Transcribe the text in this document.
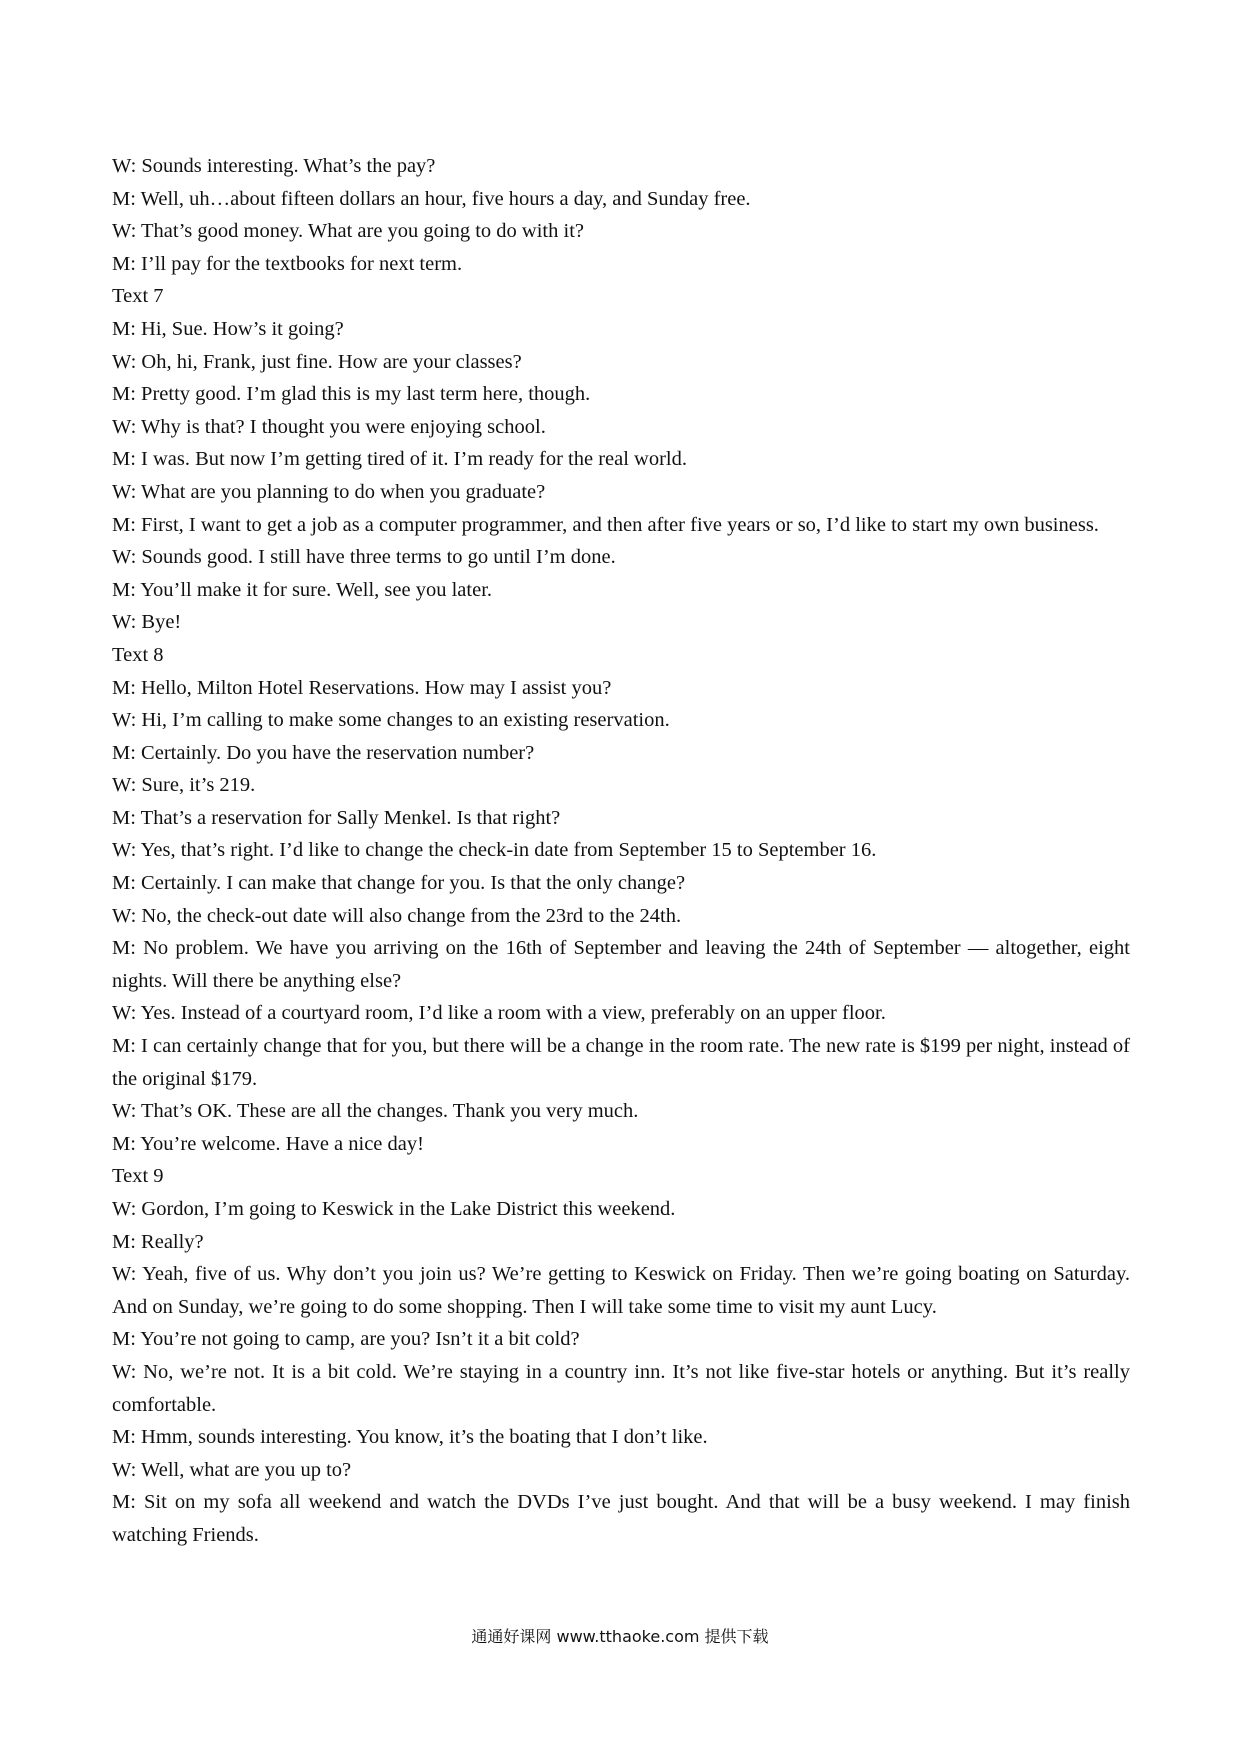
W: Sounds interesting. What’s the pay?

M: Well, uh…about fifteen dollars an hour, five hours a day, and Sunday free.

W: That’s good money. What are you going to do with it?

M: I’ll pay for the textbooks for next term.

Text 7

M: Hi, Sue. How’s it going?

W: Oh, hi, Frank, just fine. How are your classes?

M: Pretty good. I’m glad this is my last term here, though.

W: Why is that? I thought you were enjoying school.

M: I was. But now I’m getting tired of it. I’m ready for the real world.

W: What are you planning to do when you graduate?

M: First, I want to get a job as a computer programmer, and then after five years or so, I’d like to start my own business.

W: Sounds good. I still have three terms to go until I’m done.

M: You’ll make it for sure. Well, see you later.

W: Bye!

Text 8

M: Hello, Milton Hotel Reservations. How may I assist you?

W: Hi, I’m calling to make some changes to an existing reservation.

M: Certainly. Do you have the reservation number?

W: Sure, it’s 219.

M: That’s a reservation for Sally Menkel. Is that right?

W: Yes, that’s right. I’d like to change the check-in date from September 15 to September 16.

M: Certainly. I can make that change for you. Is that the only change?

W: No, the check-out date will also change from the 23rd to the 24th.

M: No problem. We have you arriving on the 16th of September and leaving the 24th of September — altogether, eight nights. Will there be anything else?

W: Yes. Instead of a courtyard room, I’d like a room with a view, preferably on an upper floor.

M: I can certainly change that for you, but there will be a change in the room rate. The new rate is $199 per night, instead of the original $179.

W: That’s OK. These are all the changes. Thank you very much.

M: You’re welcome. Have a nice day!

Text 9

W: Gordon, I’m going to Keswick in the Lake District this weekend.

M: Really?

W: Yeah, five of us. Why don’t you join us? We’re getting to Keswick on Friday. Then we’re going boating on Saturday. And on Sunday, we’re going to do some shopping. Then I will take some time to visit my aunt Lucy.

M: You’re not going to camp, are you? Isn’t it a bit cold?

W: No, we’re not. It is a bit cold. We’re staying in a country inn. It’s not like five-star hotels or anything. But it’s really comfortable.

M: Hmm, sounds interesting. You know, it’s the boating that I don’t like.

W: Well, what are you up to?

M: Sit on my sofa all weekend and watch the DVDs I’ve just bought. And that will be a busy weekend. I may finish watching Friends.

通通好课网 www.tthaoke.com 提供下载
